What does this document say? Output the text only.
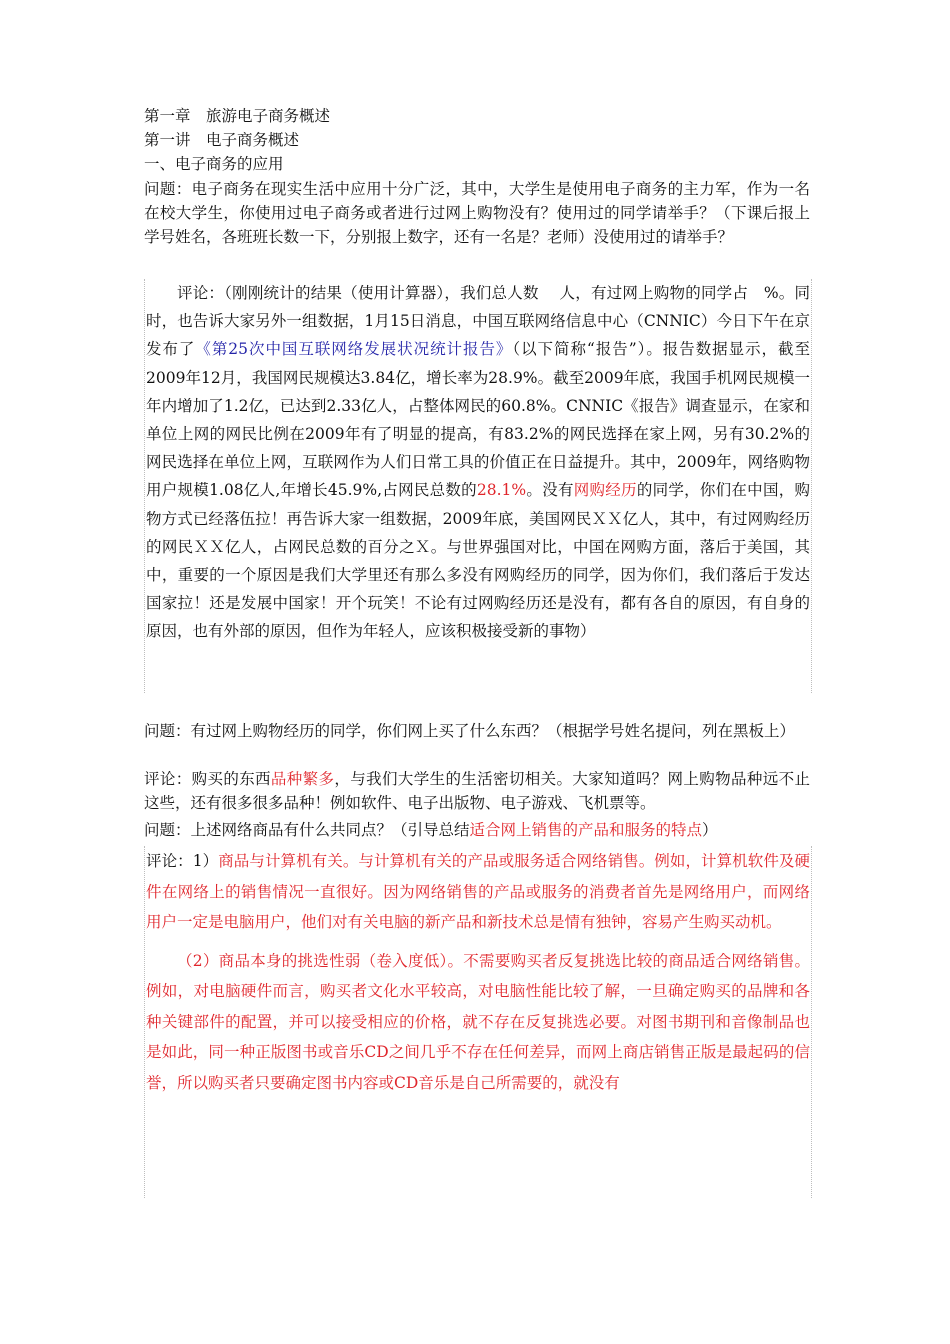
第一章　旅游电子商务概述
第一讲　电子商务概述
一、电子商务的应用
问题：电子商务在现实生活中应用十分广泛，其中，大学生是使用电子商务的主力军，作为一名在校大学生，你使用过电子商务或者进行过网上购物没有？使用过的同学请举手？（下课后报上学号姓名，各班班长数一下，分别报上数字，还有一名是？老师）没使用过的请举手？

评论：（刚刚统计的结果（使用计算器），我们总人数　 人，有过网上购物的同学占　%。同时，也告诉大家另外一组数据，1月15日消息，中国互联网络信息中心（CNNIC）今日下午在京发布了《第25次中国互联网络发展状况统计报告》（以下简称“报告”）。报告数据显示，截至2009年12月，我国网民规模达3.84亿，增长率为28.9%。截至2009年底，我国手机网民规模一年内增加了1.2亿，已达到2.33亿人，占整体网民的60.8%。CNNIC《报告》调查显示，在家和单位上网的网民比例在2009年有了明显的提高，有83.2%的网民选择在家上网，另有30.2%的网民选择在单位上网，互联网作为人们日常工具的价值正在日益提升。其中，2009年，网络购物用户规模1.08亿人,年增长45.9%,占网民总数的28.1%。没有网购经历的同学，你们在中国，购物方式已经落伍拉！再告诉大家一组数据，2009年底，美国网民ＸＸ亿人，其中，有过网购经历的网民ＸＸ亿人，占网民总数的百分之Ｘ。与世界强国对比，中国在网购方面，落后于美国，其中，重要的一个原因是我们大学里还有那么多没有网购经历的同学，因为你们，我们落后于发达国家拉！还是发展中国家！开个玩笑！不论有过网购经历还是没有，都有各自的原因，有自身的原因，也有外部的原因，但作为年轻人，应该积极接受新的事物）

问题：有过网上购物经历的同学，你们网上买了什么东西？（根据学号姓名提问，列在黑板上）
评论：购买的东西品种繁多，与我们大学生的生活密切相关。大家知道吗？网上购物品种远不止这些，还有很多很多品种！例如软件、电子出版物、电子游戏、飞机票等。
问题：上述网络商品有什么共同点？（引导总结适合网上销售的产品和服务的特点）

评论：1）商品与计算机有关。与计算机有关的产品或服务适合网络销售。例如，计算机软件及硬件在网络上的销售情况一直很好。因为网络销售的产品或服务的消费者首先是网络用户，而网络用户一定是电脑用户，他们对有关电脑的新产品和新技术总是情有独钟，容易产生购买动机。

（2）商品本身的挑选性弱（卷入度低）。不需要购买者反复挑选比较的商品适合网络销售。例如，对电脑硬件而言，购买者文化水平较高，对电脑性能比较了解，一旦确定购买的品牌和各种关键部件的配置，并可以接受相应的价格，就不存在反复挑选必要。对图书期刊和音像制品也是如此，同一种正版图书或音乐CD之间几乎不存在任何差异，而网上商店销售正版是最起码的信誉，所以购买者只要确定图书内容或CD音乐是自己所需要的，就没有
